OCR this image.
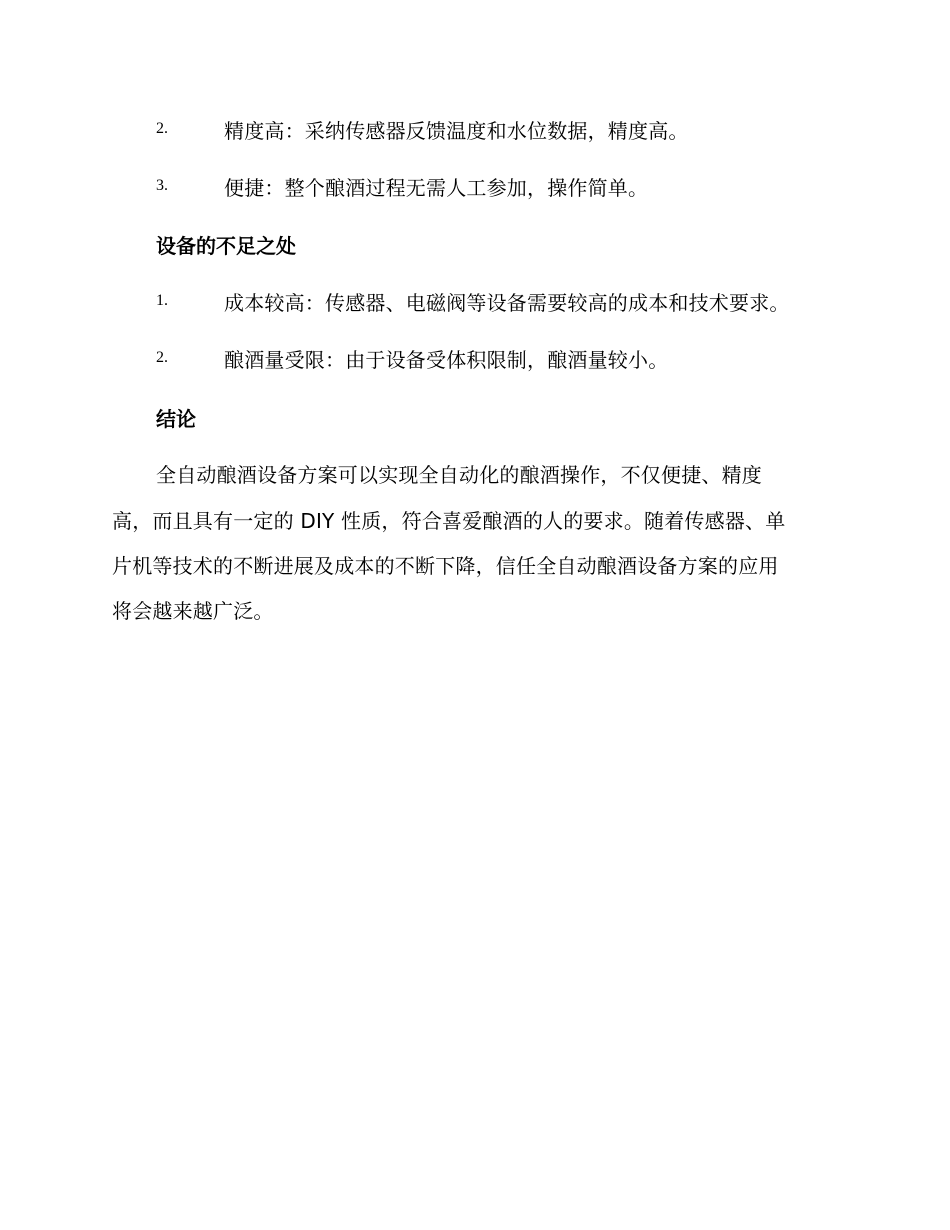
2.	精度高：采纳传感器反馈温度和水位数据，精度高。
3.	便捷：整个酿酒过程无需人工参加，操作简单。
设备的不足之处
1.	成本较高：传感器、电磁阀等设备需要较高的成本和技术要求。
2.	酿酒量受限：由于设备受体积限制，酿酒量较小。
结论
全自动酿酒设备方案可以实现全自动化的酿酒操作，不仅便捷、精度
高，而且具有一定的 DIY 性质，符合喜爱酿酒的人的要求。随着传感器、单
片机等技术的不断进展及成本的不断下降，信任全自动酿酒设备方案的应用
将会越来越广泛。
